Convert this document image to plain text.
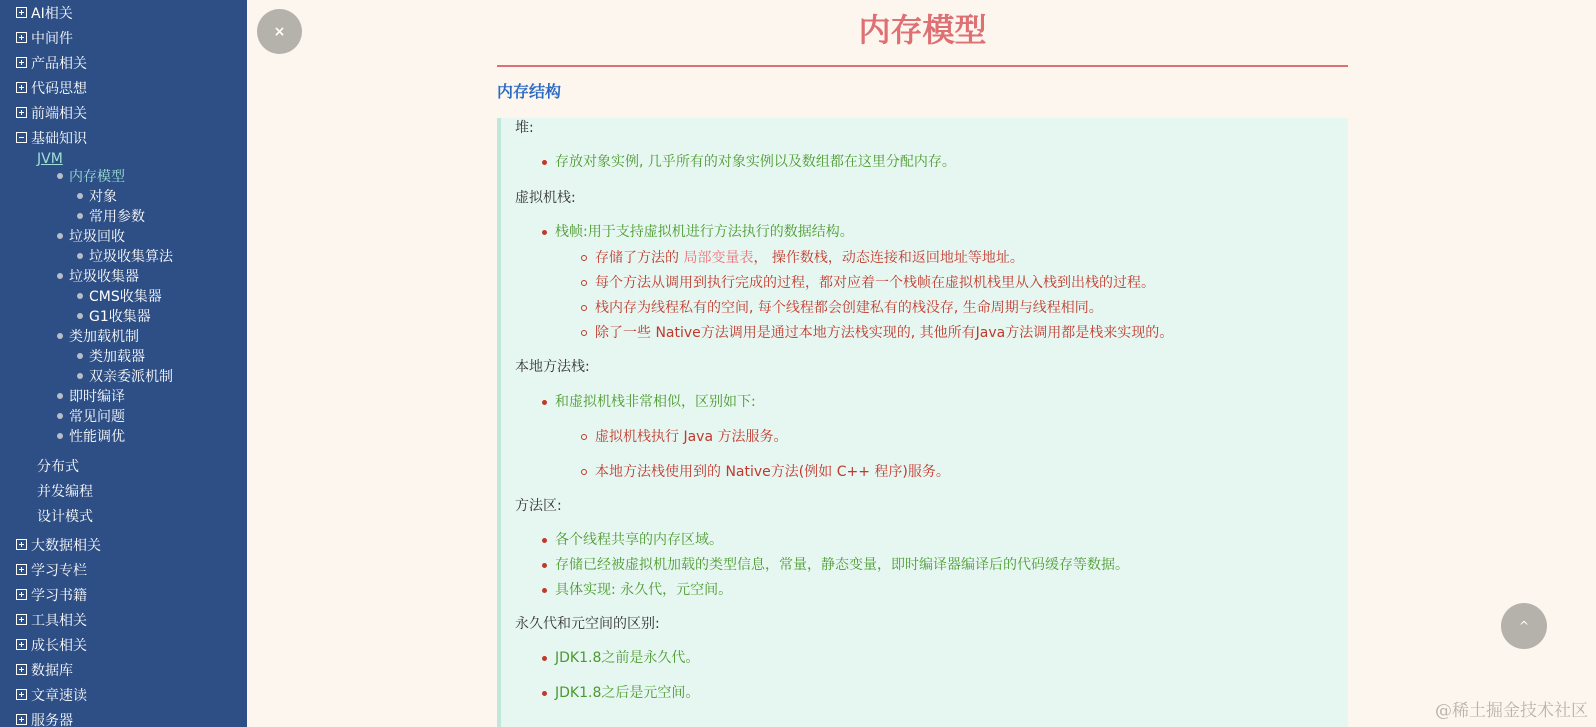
AI相关
中间件
产品相关
代码思想
前端相关
基础知识
JVM
内存模型
对象
常用参数
垃圾回收
垃圾收集算法
垃圾收集器
CMS收集器
G1收集器
类加载机制
类加载器
双亲委派机制
即时编译
常见问题
性能调优
分布式
并发编程
设计模式
大数据相关
学习专栏
学习书籍
工具相关
成长相关
数据库
文章速读
服务器
×	内存模型
内存结构
堆:
存放对象实例, 几乎所有的对象实例以及数组都在这里分配内存。
虚拟机栈:
栈帧:用于支持虚拟机进行方法执行的数据结构。
存储了方法的 局部变量表， 操作数栈，动态连接和返回地址等地址。
每个方法从调用到执行完成的过程，都对应着一个栈帧在虚拟机栈里从入栈到出栈的过程。
栈内存为线程私有的空间, 每个线程都会创建私有的栈没存, 生命周期与线程相同。
除了一些 Native方法调用是通过本地方法栈实现的, 其他所有Java方法调用都是栈来实现的。
本地方法栈:
和虚拟机栈非常相似，区别如下:
虚拟机栈执行 Java 方法服务。
本地方法栈使用到的 Native方法(例如 C++ 程序)服务。
方法区:
各个线程共享的内存区域。
存储已经被虚拟机加载的类型信息，常量，静态变量，即时编译器编译后的代码缓存等数据。
具体实现: 永久代，元空间。
永久代和元空间的区别:
JDK1.8之前是永久代。
JDK1.8之后是元空间。
^
@稀土掘金技术社区
